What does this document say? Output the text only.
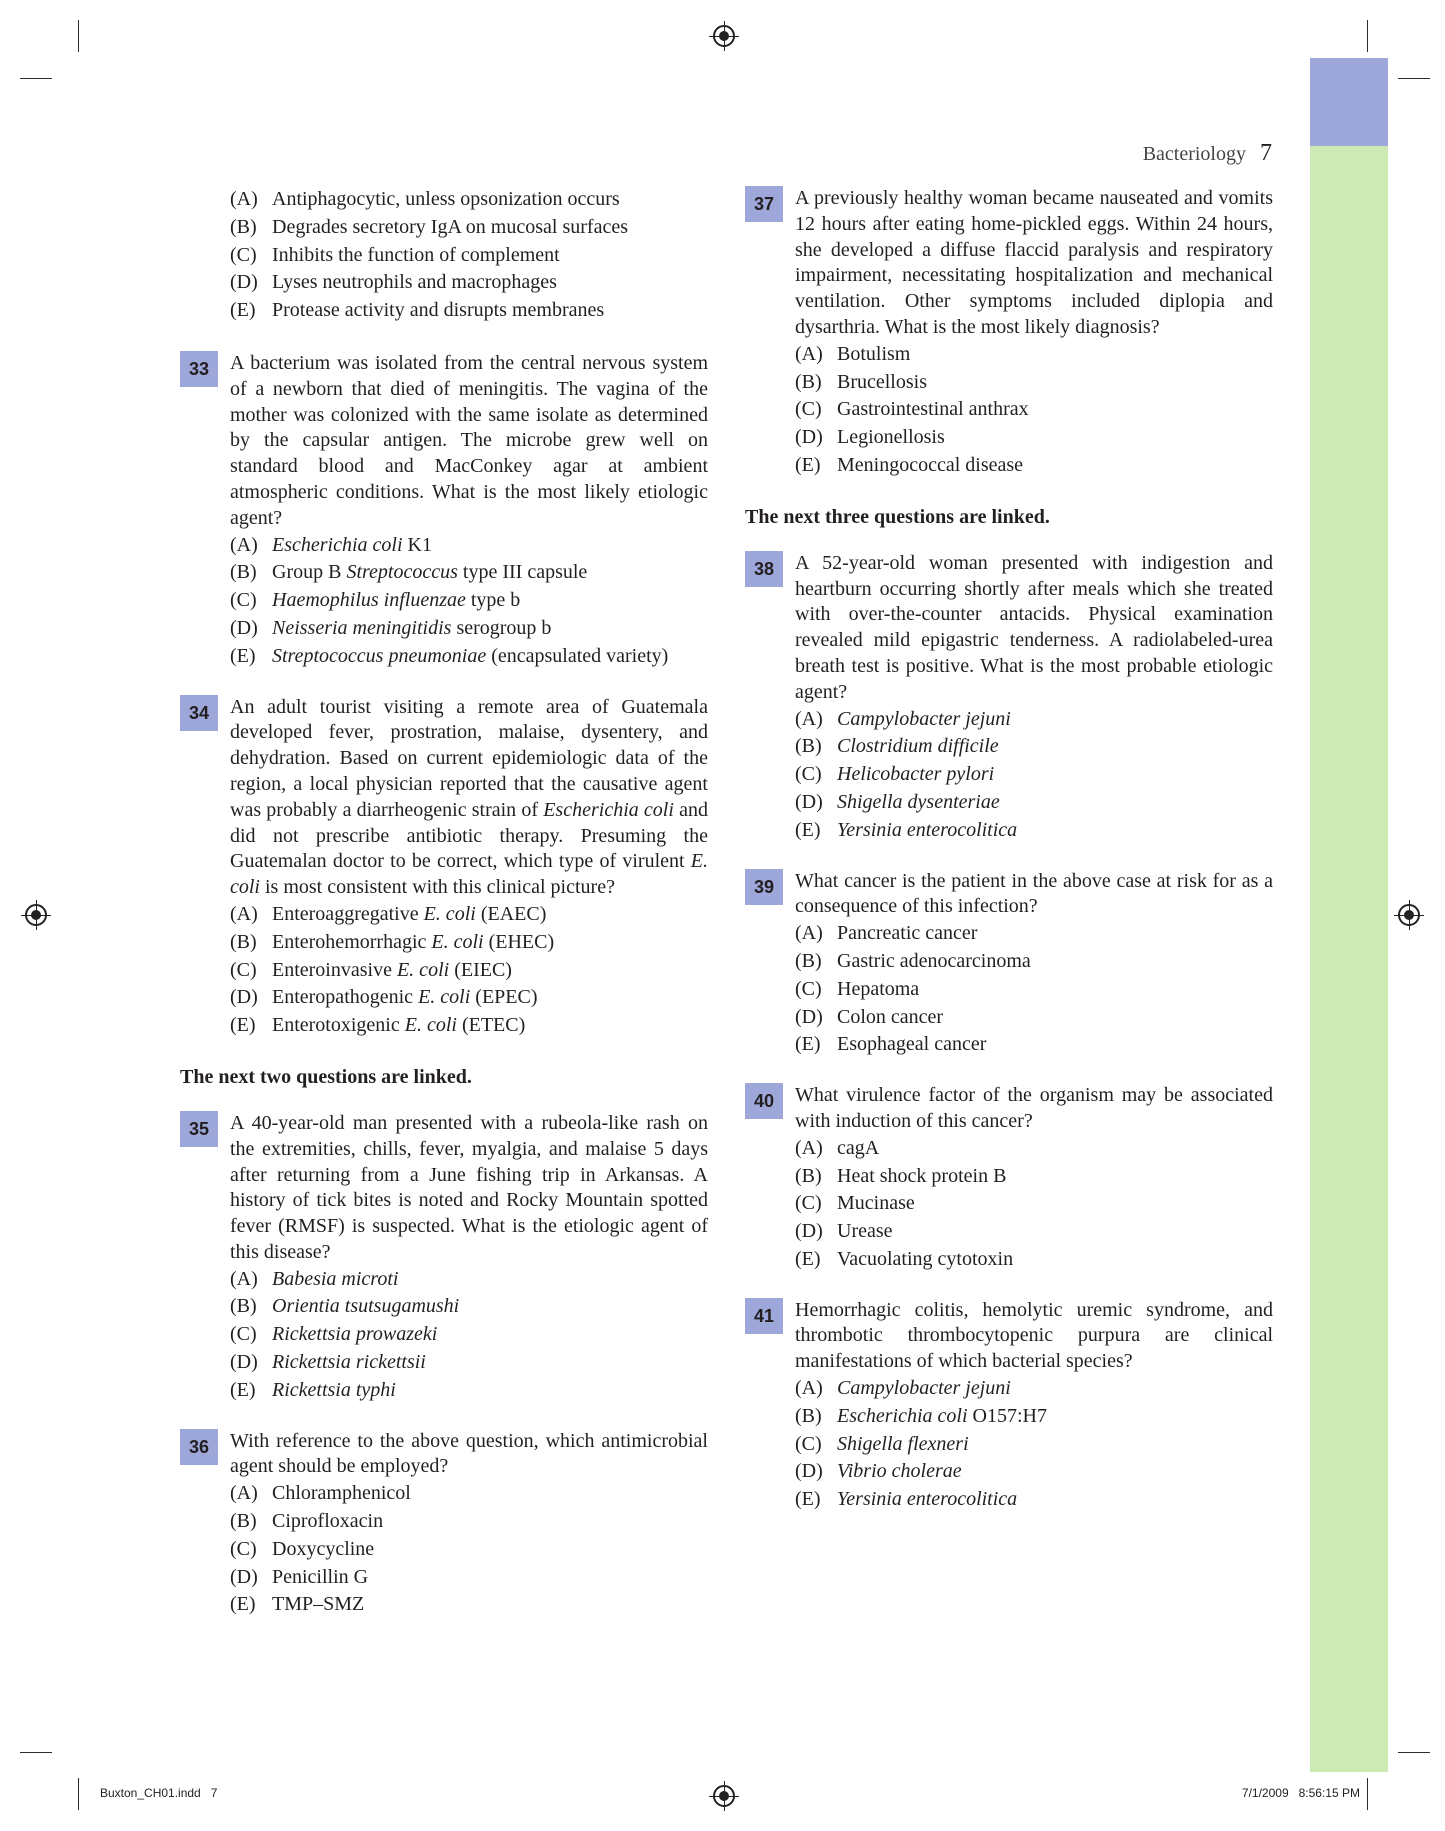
Bacteriology 7
(A) Antiphagocytic, unless opsonization occurs
(B) Degrades secretory IgA on mucosal surfaces
(C) Inhibits the function of complement
(D) Lyses neutrophils and macrophages
(E) Protease activity and disrupts membranes
33	A bacterium was isolated from the central nervous system of a newborn that died of meningitis. The vagina of the mother was colonized with the same isolate as determined by the capsular antigen. The microbe grew well on standard blood and MacConkey agar at ambient atmospheric conditions. What is the most likely etiologic agent?
(A) Escherichia coli K1
(B) Group B Streptococcus type III capsule
(C) Haemophilus influenzae type b
(D) Neisseria meningitidis serogroup b
(E) Streptococcus pneumoniae (encapsulated variety)
34	An adult tourist visiting a remote area of Guatemala developed fever, prostration, malaise, dysentery, and dehydration. Based on current epidemiologic data of the region, a local physician reported that the causative agent was probably a diarrheogenic strain of Escherichia coli and did not prescribe antibiotic therapy. Presuming the Guatemalan doctor to be correct, which type of virulent E. coli is most consistent with this clinical picture?
(A) Enteroaggregative E. coli (EAEC)
(B) Enterohemorrhagic E. coli (EHEC)
(C) Enteroinvasive E. coli (EIEC)
(D) Enteropathogenic E. coli (EPEC)
(E) Enterotoxigenic E. coli (ETEC)
The next two questions are linked.
35	A 40-year-old man presented with a rubeola-like rash on the extremities, chills, fever, myalgia, and malaise 5 days after returning from a June fishing trip in Arkansas. A history of tick bites is noted and Rocky Mountain spotted fever (RMSF) is suspected. What is the etiologic agent of this disease?
(A) Babesia microti
(B) Orientia tsutsugamushi
(C) Rickettsia prowazeki
(D) Rickettsia rickettsii
(E) Rickettsia typhi
36	With reference to the above question, which antimicrobial agent should be employed?
(A) Chloramphenicol
(B) Ciprofloxacin
(C) Doxycycline
(D) Penicillin G
(E) TMP–SMZ
37	A previously healthy woman became nauseated and vomits 12 hours after eating home-pickled eggs. Within 24 hours, she developed a diffuse flaccid paralysis and respiratory impairment, necessitating hospitalization and mechanical ventilation. Other symptoms included diplopia and dysarthria. What is the most likely diagnosis?
(A) Botulism
(B) Brucellosis
(C) Gastrointestinal anthrax
(D) Legionellosis
(E) Meningococcal disease
The next three questions are linked.
38	A 52-year-old woman presented with indigestion and heartburn occurring shortly after meals which she treated with over-the-counter antacids. Physical examination revealed mild epigastric tenderness. A radiolabeled-urea breath test is positive. What is the most probable etiologic agent?
(A) Campylobacter jejuni
(B) Clostridium difficile
(C) Helicobacter pylori
(D) Shigella dysenteriae
(E) Yersinia enterocolitica
39	What cancer is the patient in the above case at risk for as a consequence of this infection?
(A) Pancreatic cancer
(B) Gastric adenocarcinoma
(C) Hepatoma
(D) Colon cancer
(E) Esophageal cancer
40	What virulence factor of the organism may be associated with induction of this cancer?
(A) cagA
(B) Heat shock protein B
(C) Mucinase
(D) Urease
(E) Vacuolating cytotoxin
41	Hemorrhagic colitis, hemolytic uremic syndrome, and thrombotic thrombocytopenic purpura are clinical manifestations of which bacterial species?
(A) Campylobacter jejuni
(B) Escherichia coli O157:H7
(C) Shigella flexneri
(D) Vibrio cholerae
(E) Yersinia enterocolitica
Buxton_CH01.indd   7	7/1/2009   8:56:15 PM
